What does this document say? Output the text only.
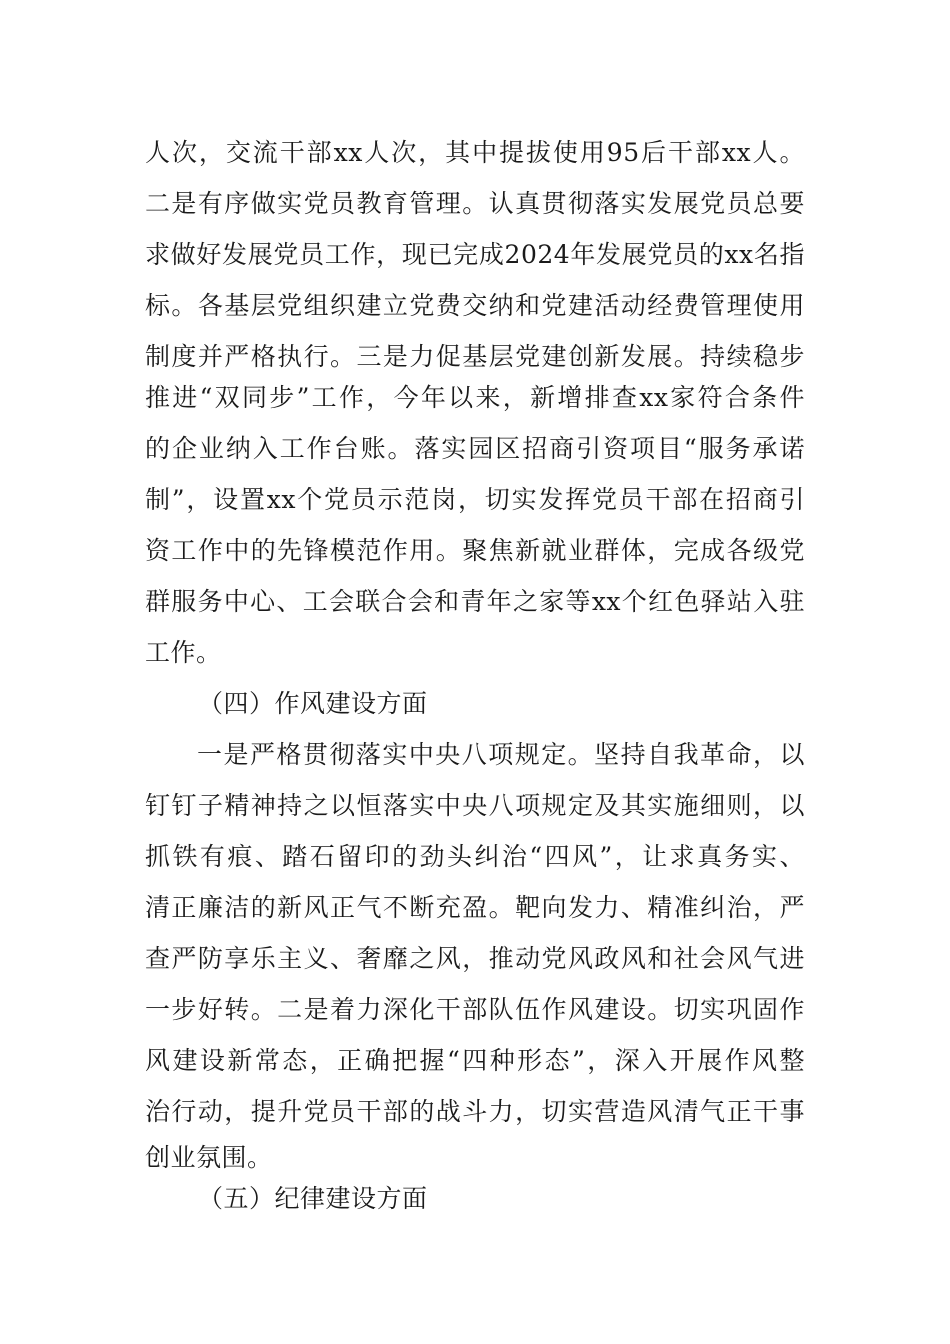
人次，交流干部xx人次，其中提拔使用95后干部xx人。
二是有序做实党员教育管理。认真贯彻落实发展党员总要
求做好发展党员工作，现已完成2024年发展党员的xx名指
标。各基层党组织建立党费交纳和党建活动经费管理使用
制度并严格执行。三是力促基层党建创新发展。持续稳步
推进“双同步”工作，今年以来，新增排查xx家符合条件
的企业纳入工作台账。落实园区招商引资项目“服务承诺
制”，设置xx个党员示范岗，切实发挥党员干部在招商引
资工作中的先锋模范作用。聚焦新就业群体，完成各级党
群服务中心、工会联合会和青年之家等xx个红色驿站入驻
工作。
（四）作风建设方面
一是严格贯彻落实中央八项规定。坚持自我革命，以
钉钉子精神持之以恒落实中央八项规定及其实施细则，以
抓铁有痕、踏石留印的劲头纠治“四风”，让求真务实、
清正廉洁的新风正气不断充盈。靶向发力、精准纠治，严
查严防享乐主义、奢靡之风，推动党风政风和社会风气进
一步好转。二是着力深化干部队伍作风建设。切实巩固作
风建设新常态，正确把握“四种形态”，深入开展作风整
治行动，提升党员干部的战斗力，切实营造风清气正干事
创业氛围。
（五）纪律建设方面
